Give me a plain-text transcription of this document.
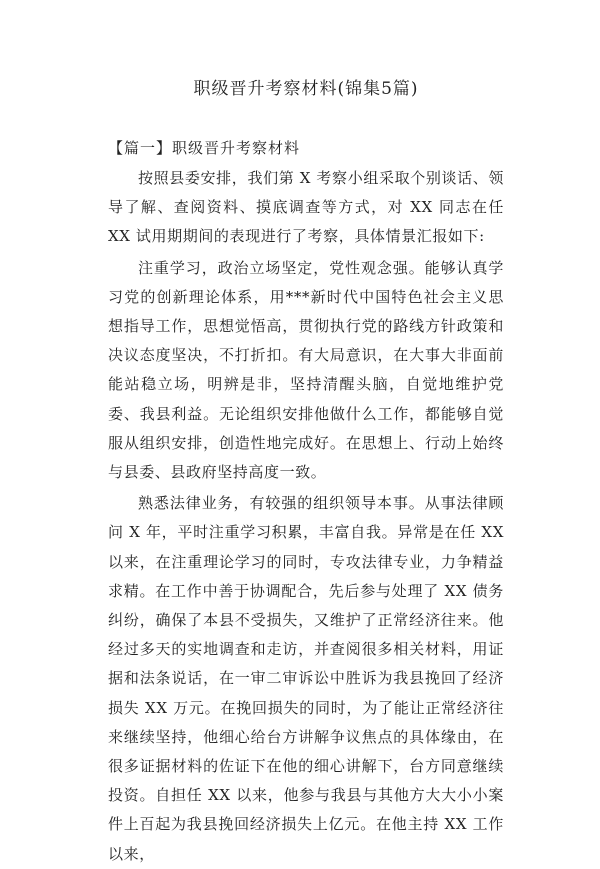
职级晋升考察材料(锦集5篇)
【篇一】职级晋升考察材料

按照县委安排，我们第 X 考察小组采取个别谈话、领导了解、查阅资料、摸底调查等方式，对 XX 同志在任 XX 试用期期间的表现进行了考察，具体情景汇报如下:

注重学习，政治立场坚定，党性观念强。能够认真学习党的创新理论体系，用***新时代中国特色社会主义思想指导工作，思想觉悟高，贯彻执行党的路线方针政策和决议态度坚决，不打折扣。有大局意识，在大事大非面前能站稳立场，明辨是非，坚持清醒头脑，自觉地维护党委、我县利益。无论组织安排他做什么工作，都能够自觉服从组织安排，创造性地完成好。在思想上、行动上始终与县委、县政府坚持高度一致。

熟悉法律业务，有较强的组织领导本事。从事法律顾问 X 年，平时注重学习积累，丰富自我。异常是在任 XX 以来，在注重理论学习的同时，专攻法律专业，力争精益求精。在工作中善于协调配合，先后参与处理了 XX 债务纠纷，确保了本县不受损失，又维护了正常经济往来。他经过多天的实地调查和走访，并查阅很多相关材料，用证据和法条说话，在一审二审诉讼中胜诉为我县挽回了经济损失 XX 万元。在挽回损失的同时，为了能让正常经济往来继续坚持，他细心给台方讲解争议焦点的具体缘由，在很多证据材料的佐证下在他的细心讲解下，台方同意继续投资。自担任 XX 以来，他参与我县与其他方大大小小案件上百起为我县挽回经济损失上亿元。在他主持 XX 工作以来，
